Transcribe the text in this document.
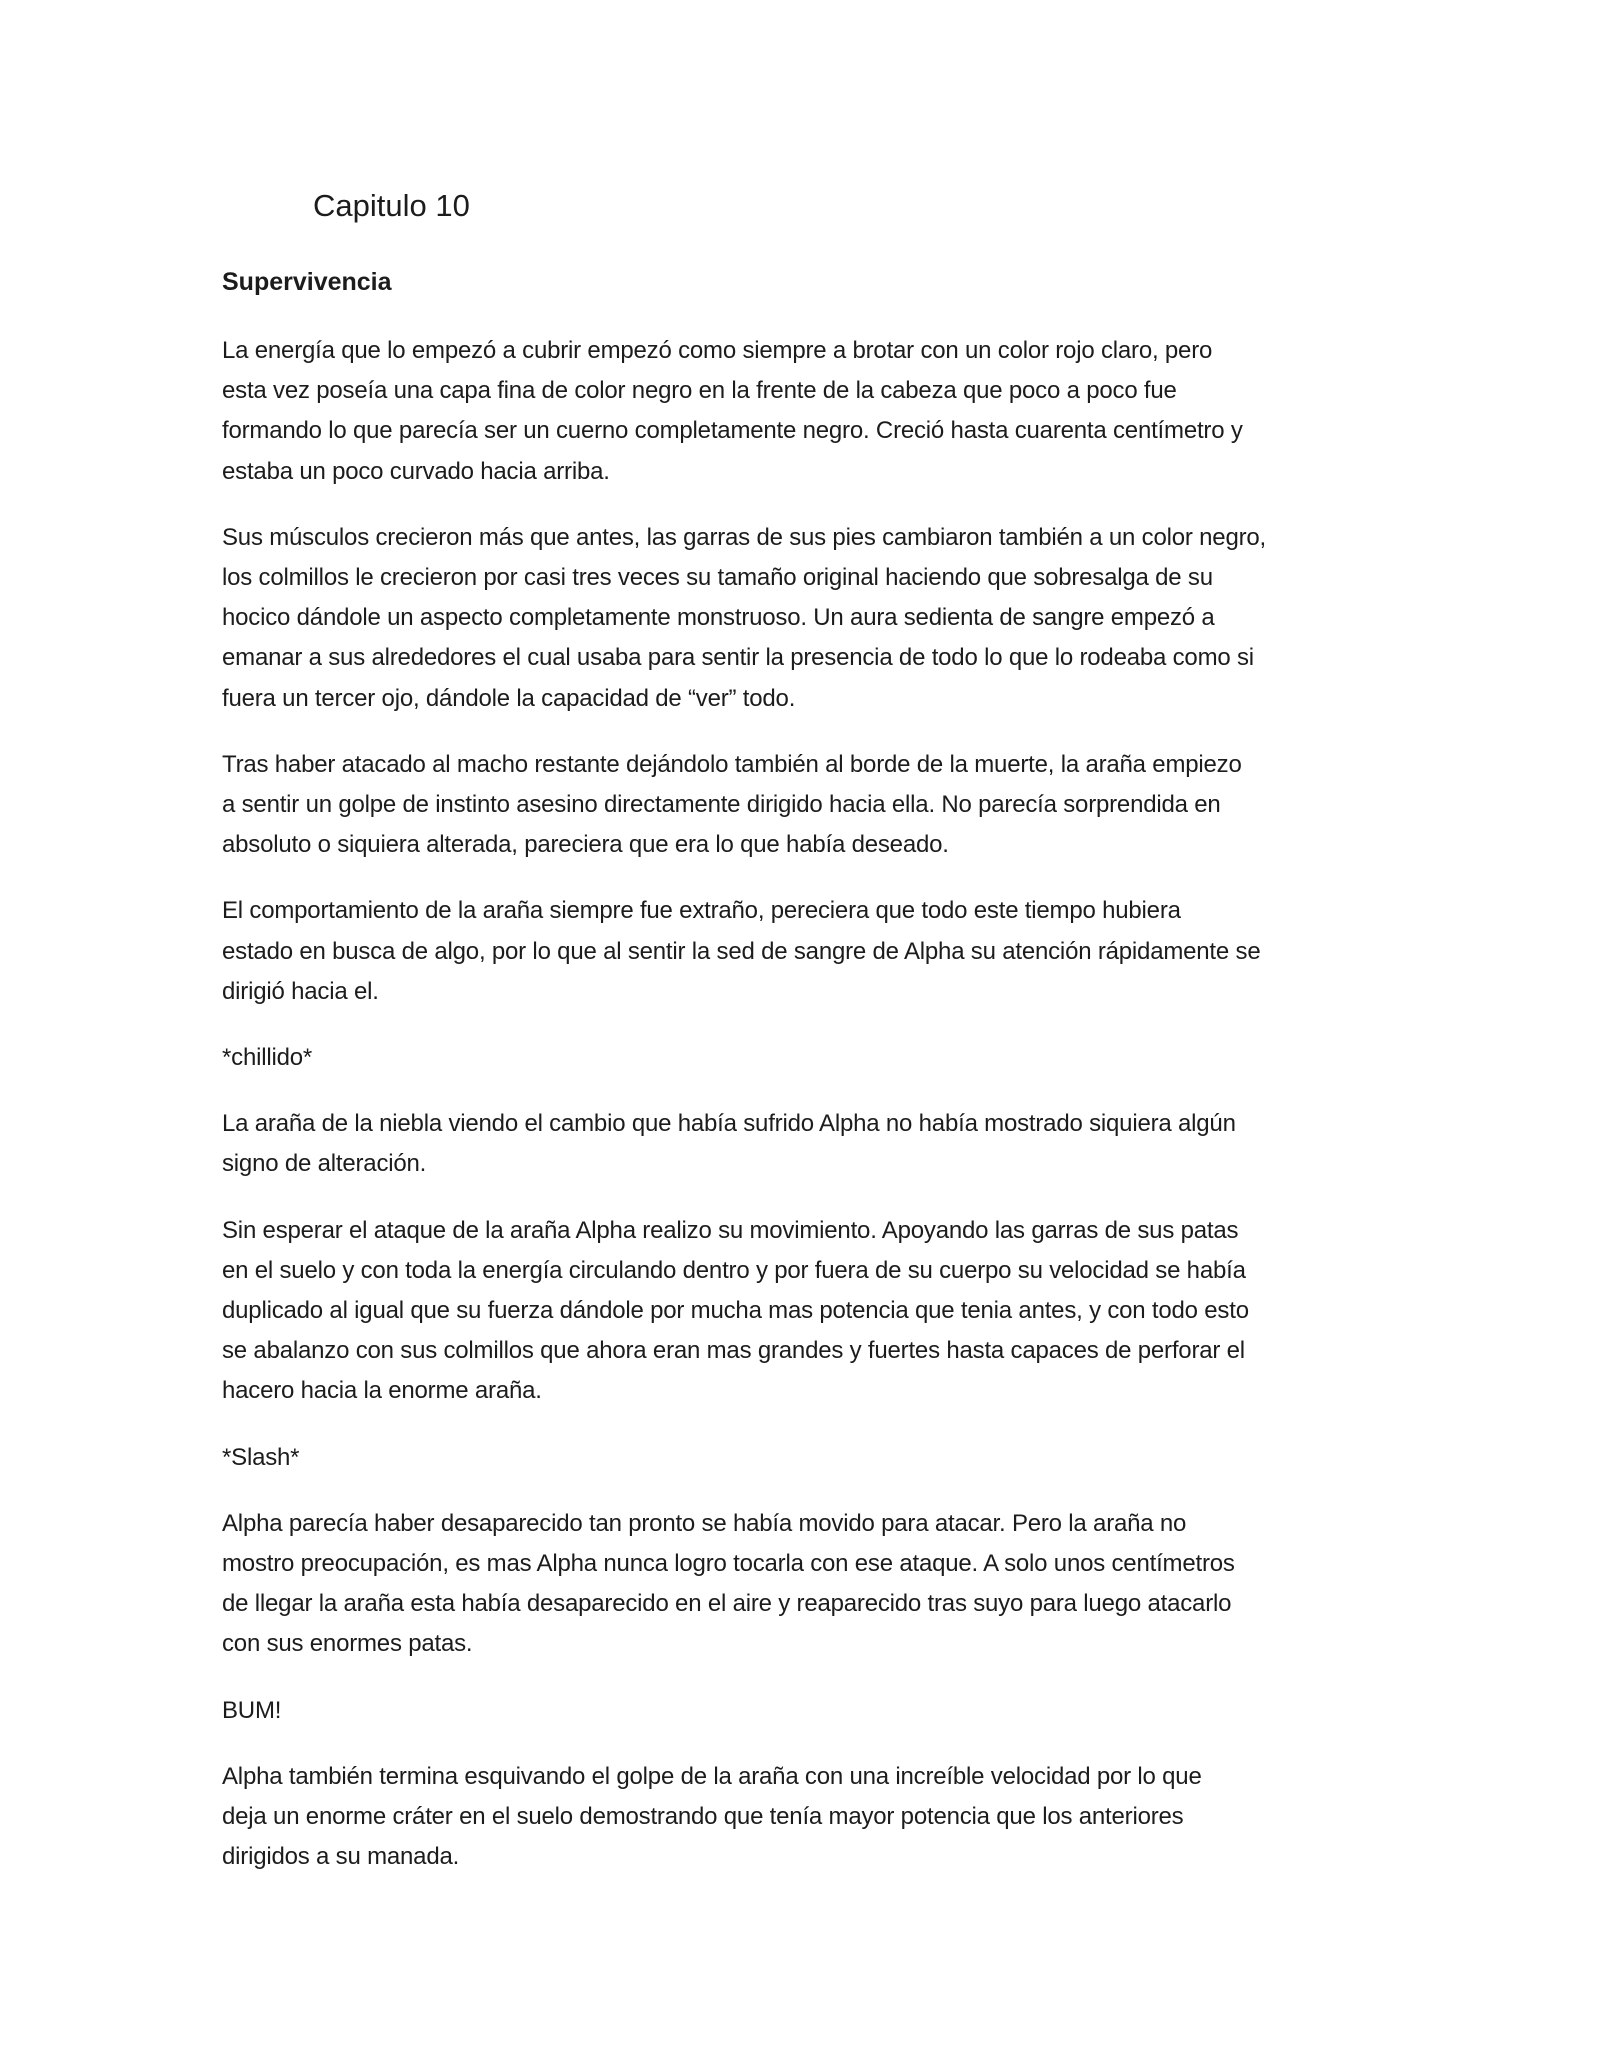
Capitulo 10
Supervivencia

La energía que lo empezó a cubrir empezó como siempre a brotar con un color rojo claro, pero
esta vez poseía una capa fina de color negro en la frente de la cabeza que poco a poco fue
formando lo que parecía ser un cuerno completamente negro. Creció hasta cuarenta centímetro y
estaba un poco curvado hacia arriba.

Sus músculos crecieron más que antes, las garras de sus pies cambiaron también a un color negro,
los colmillos le crecieron por casi tres veces su tamaño original haciendo que sobresalga de su
hocico dándole un aspecto completamente monstruoso. Un aura sedienta de sangre empezó a
emanar a sus alrededores el cual usaba para sentir la presencia de todo lo que lo rodeaba como si
fuera un tercer ojo, dándole la capacidad de “ver” todo.

Tras haber atacado al macho restante dejándolo también al borde de la muerte, la araña empiezo
a sentir un golpe de instinto asesino directamente dirigido hacia ella. No parecía sorprendida en
absoluto o siquiera alterada, pareciera que era lo que había deseado.

El comportamiento de la araña siempre fue extraño, pereciera que todo este tiempo hubiera
estado en busca de algo, por lo que al sentir la sed de sangre de Alpha su atención rápidamente se
dirigió hacia el.

*chillido*

La araña de la niebla viendo el cambio que había sufrido Alpha no había mostrado siquiera algún
signo de alteración.

Sin esperar el ataque de la araña Alpha realizo su movimiento. Apoyando las garras de sus patas
en el suelo y con toda la energía circulando dentro y por fuera de su cuerpo su velocidad se había
duplicado al igual que su fuerza dándole por mucha mas potencia que tenia antes, y con todo esto
se abalanzo con sus colmillos que ahora eran mas grandes y fuertes hasta capaces de perforar el
hacero hacia la enorme araña.

*Slash*

Alpha parecía haber desaparecido tan pronto se había movido para atacar. Pero la araña no
mostro preocupación, es mas Alpha nunca logro tocarla con ese ataque. A solo unos centímetros
de llegar la araña esta había desaparecido en el aire y reaparecido tras suyo para luego atacarlo
con sus enormes patas.

BUM!

Alpha también termina esquivando el golpe de la araña con una increíble velocidad por lo que
deja un enorme cráter en el suelo demostrando que tenía mayor potencia que los anteriores
dirigidos a su manada.
